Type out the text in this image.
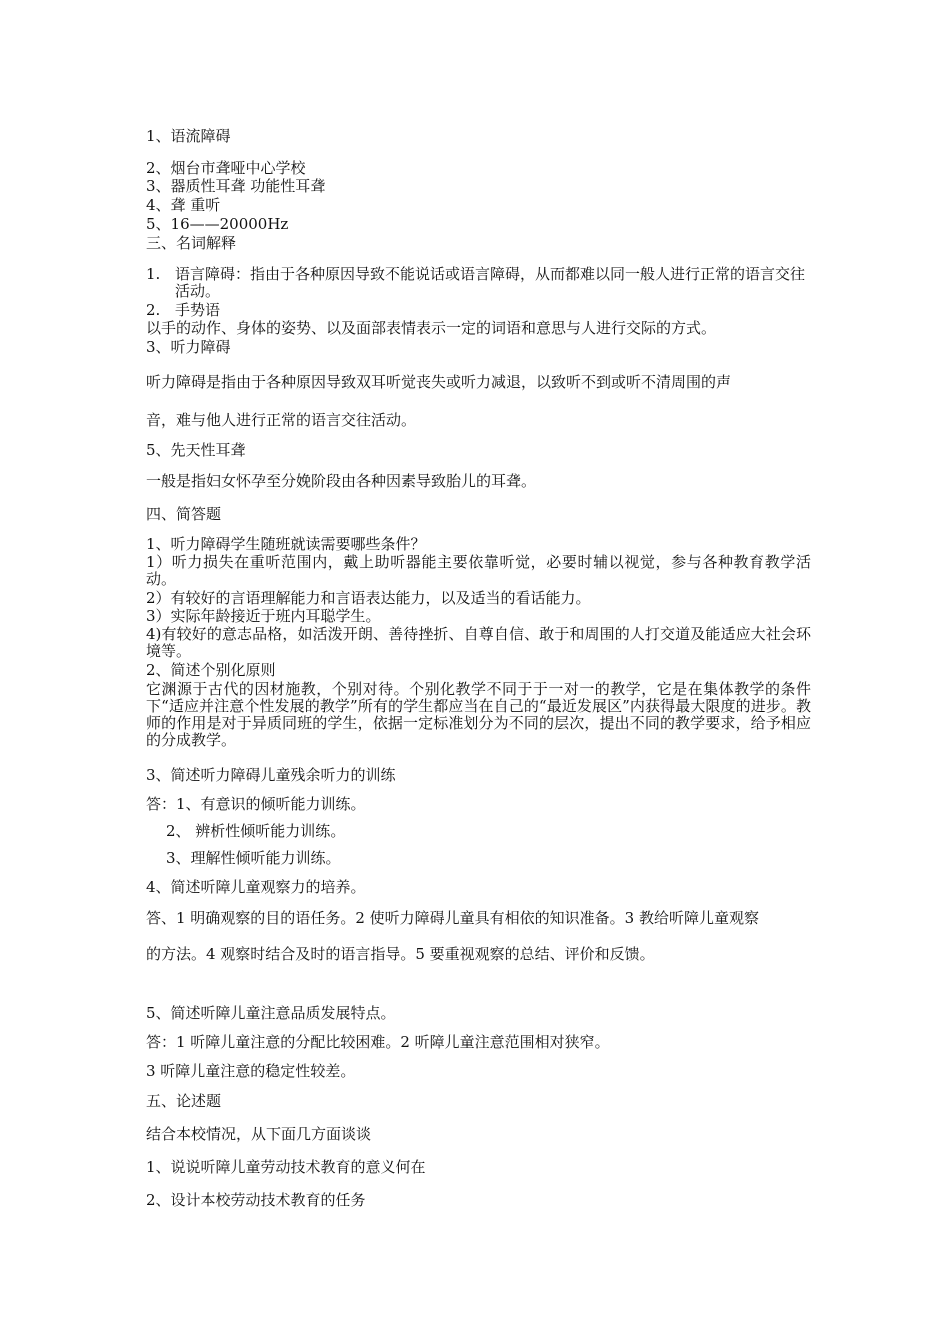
1、语流障碍
2、烟台市聋哑中心学校
3、器质性耳聋 功能性耳聋
4、聋 重听
5、16——20000Hz
三、名词解释
1. 语言障碍：指由于各种原因导致不能说话或语言障碍，从而都难以同一般人进行正常的语言交往活动。
2. 手势语
以手的动作、身体的姿势、以及面部表情表示一定的词语和意思与人进行交际的方式。
3、听力障碍
听力障碍是指由于各种原因导致双耳听觉丧失或听力减退，以致听不到或听不清周围的声
音，难与他人进行正常的语言交往活动。
5、先天性耳聋
一般是指妇女怀孕至分娩阶段由各种因素导致胎儿的耳聋。
四、简答题
1、听力障碍学生随班就读需要哪些条件？
1）听力损失在重听范围内，戴上助听器能主要依靠听觉，必要时辅以视觉，参与各种教育教学活动。
2）有较好的言语理解能力和言语表达能力，以及适当的看话能力。
3）实际年龄接近于班内耳聪学生。
4)有较好的意志品格，如活泼开朗、善待挫折、自尊自信、敢于和周围的人打交道及能适应大社会环境等。
2、简述个别化原则
它渊源于古代的因材施教，个别对待。个别化教学不同于于一对一的教学，它是在集体教学的条件下“适应并注意个性发展的教学”所有的学生都应当在自己的“最近发展区”内获得最大限度的进步。教师的作用是对于异质同班的学生，依据一定标准划分为不同的层次，提出不同的教学要求，给予相应的分成教学。
3、简述听力障碍儿童残余听力的训练
答：1、有意识的倾听能力训练。
2、 辨析性倾听能力训练。
3、理解性倾听能力训练。
4、简述听障儿童观察力的培养。
答、1 明确观察的目的语任务。2 使听力障碍儿童具有相依的知识准备。3 教给听障儿童观察
的方法。4 观察时结合及时的语言指导。5 要重视观察的总结、评价和反馈。
5、简述听障儿童注意品质发展特点。
答：1 听障儿童注意的分配比较困难。2 听障儿童注意范围相对狭窄。
3 听障儿童注意的稳定性较差。
五、论述题
结合本校情况，从下面几方面谈谈
1、说说听障儿童劳动技术教育的意义何在
2、设计本校劳动技术教育的任务
